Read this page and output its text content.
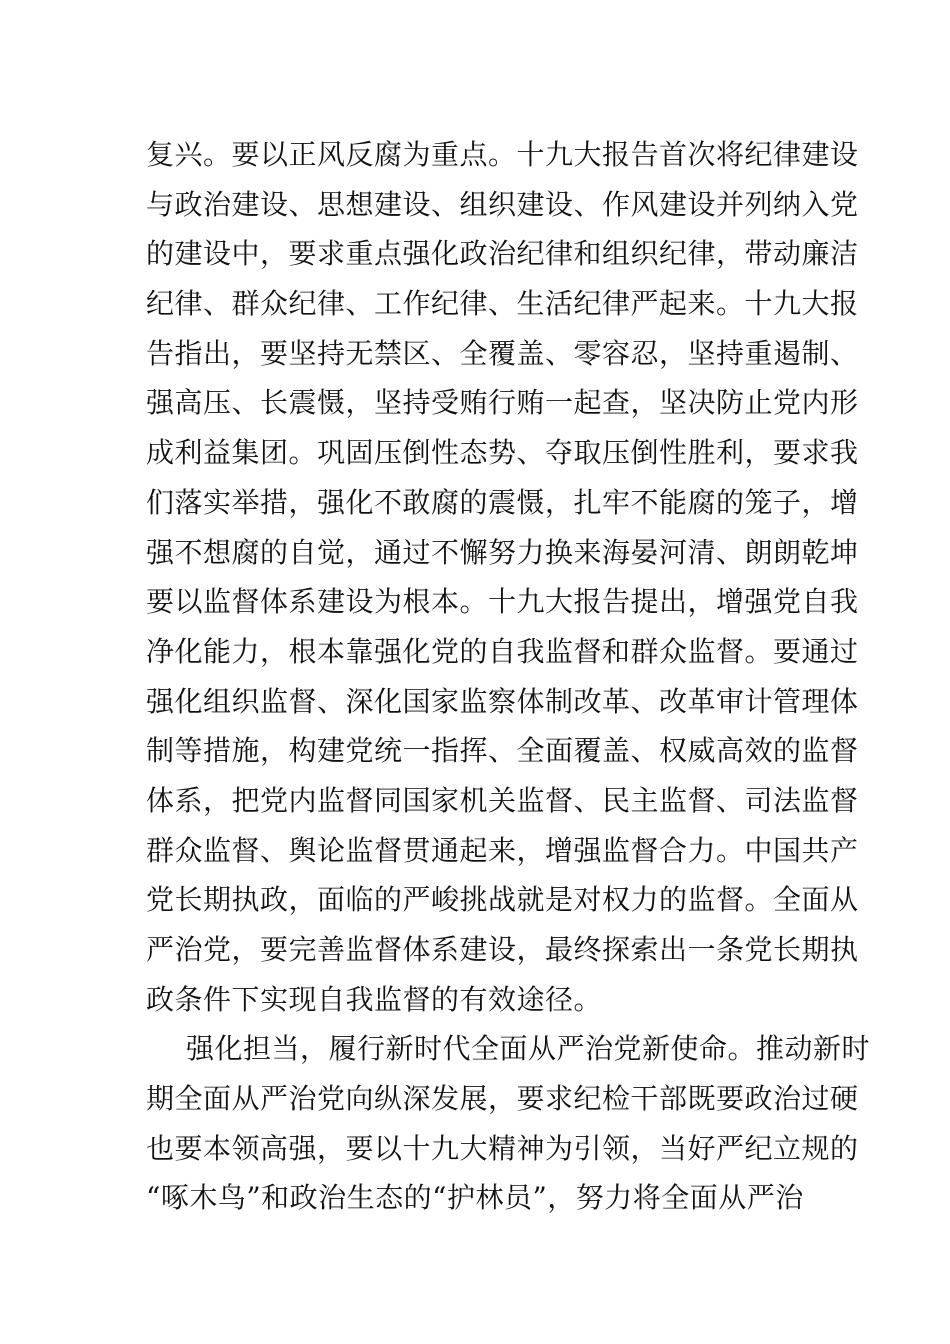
复兴。要以正风反腐为重点。十九大报告首次将纪律建设
与政治建设、思想建设、组织建设、作风建设并列纳入党
的建设中，要求重点强化政治纪律和组织纪律，带动廉洁
纪律、群众纪律、工作纪律、生活纪律严起来。十九大报
告指出，要坚持无禁区、全覆盖、零容忍，坚持重遏制、
强高压、长震慑，坚持受贿行贿一起查，坚决防止党内形
成利益集团。巩固压倒性态势、夺取压倒性胜利，要求我
们落实举措，强化不敢腐的震慑，扎牢不能腐的笼子，增
强不想腐的自觉，通过不懈努力换来海晏河清、朗朗乾坤
要以监督体系建设为根本。十九大报告提出，增强党自我
净化能力，根本靠强化党的自我监督和群众监督。要通过
强化组织监督、深化国家监察体制改革、改革审计管理体
制等措施，构建党统一指挥、全面覆盖、权威高效的监督
体系，把党内监督同国家机关监督、民主监督、司法监督
群众监督、舆论监督贯通起来，增强监督合力。中国共产
党长期执政，面临的严峻挑战就是对权力的监督。全面从
严治党，要完善监督体系建设，最终探索出一条党长期执
政条件下实现自我监督的有效途径。
强化担当，履行新时代全面从严治党新使命。推动新时
期全面从严治党向纵深发展，要求纪检干部既要政治过硬
也要本领高强，要以十九大精神为引领，当好严纪立规的
“啄木鸟”和政治生态的“护林员”，努力将全面从严治
